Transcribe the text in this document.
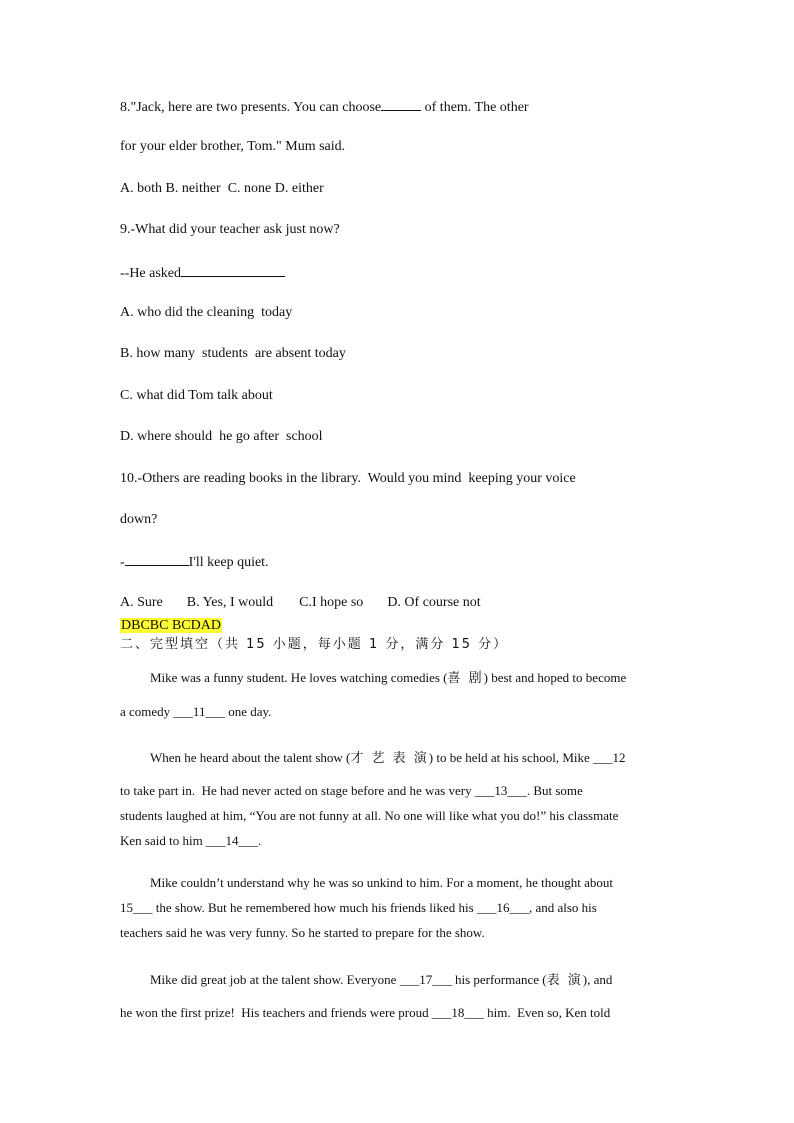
8."Jack, here are two presents. You can choose	of them. The other
for your elder brother, Tom." Mum said.
A. both B. neither  C. none D. either
9.-What did your teacher ask just now?
--He asked
A. who did the cleaning  today
B. how many  students  are absent today
C. what did Tom talk about
D. where should  he go after  school
10.-Others are reading books in the library.  Would you mind  keeping your voice
down?
-	I'll keep quiet.
A. Sure B. Yes, I would C.I hope so D. Of course not
DBCBC BCDAD
二、完型填空（共 15 小题，每小题 1 分，满分 15 分）
Mike was a funny student. He loves watching comedies (喜 剧) best and hoped to become
a comedy ___11___ one day.
When he heard about the talent show (才 艺 表 演) to be held at his school, Mike ___12
to take part in.  He had never acted on stage before and he was very ___13___. But some
students laughed at him, “You are not funny at all. No one will like what you do!” his classmate
Ken said to him ___14___.
Mike couldn’t understand why he was so unkind to him. For a moment, he thought about
15___ the show. But he remembered how much his friends liked his ___16___, and also his
teachers said he was very funny. So he started to prepare for the show.
Mike did great job at the talent show. Everyone ___17___ his performance (表 演), and
he won the first prize!  His teachers and friends were proud ___18___ him.  Even so, Ken told
